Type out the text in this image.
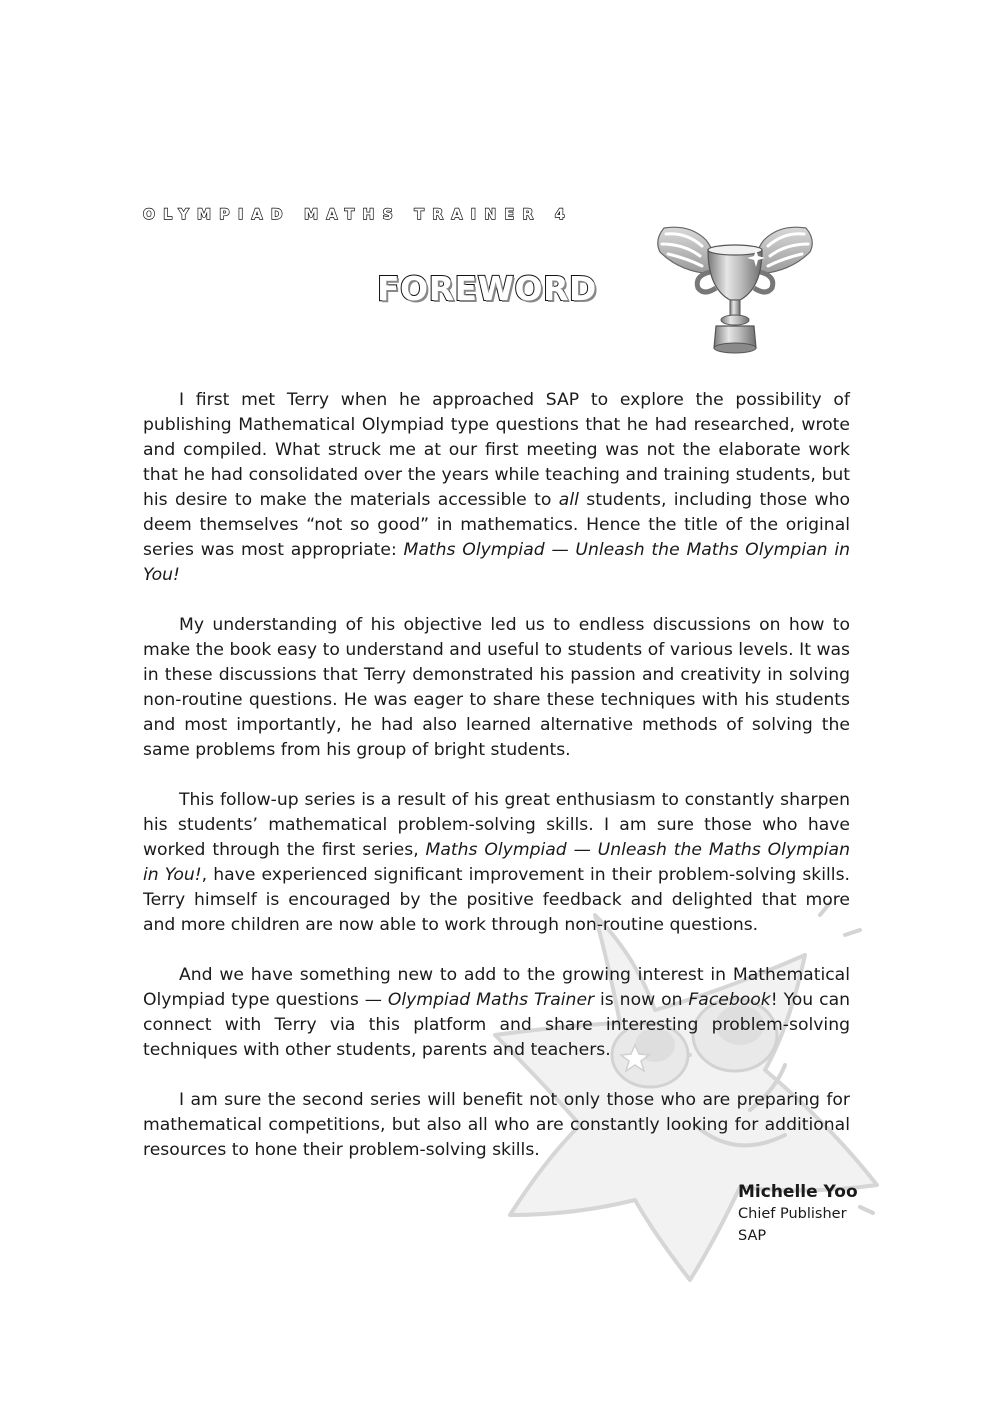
OLYMPIAD MATHS TRAINER 4
FOREWORD

I first met Terry when he approached SAP to explore the possibility of publishing Mathematical Olympiad type questions that he had researched, wrote and compiled. What struck me at our first meeting was not the elaborate work that he had consolidated over the years while teaching and training students, but his desire to make the materials accessible to all students, including those who deem themselves “not so good” in mathematics. Hence the title of the original series was most appropriate: Maths Olympiad — Unleash the Maths Olympian in You!

My understanding of his objective led us to endless discussions on how to make the book easy to understand and useful to students of various levels. It was in these discussions that Terry demonstrated his passion and creativity in solving non-routine questions. He was eager to share these techniques with his students and most importantly, he had also learned alternative methods of solving the same problems from his group of bright students.

This follow-up series is a result of his great enthusiasm to constantly sharpen his students’ mathematical problem-solving skills. I am sure those who have worked through the first series, Maths Olympiad — Unleash the Maths Olympian in You!, have experienced significant improvement in their problem-solving skills. Terry himself is encouraged by the positive feedback and delighted that more and more children are now able to work through non-routine questions.

And we have something new to add to the growing interest in Mathematical Olympiad type questions — Olympiad Maths Trainer is now on Facebook! You can connect with Terry via this platform and share interesting problem-solving techniques with other students, parents and teachers.

I am sure the second series will benefit not only those who are preparing for mathematical competitions, but also all who are constantly looking for additional resources to hone their problem-solving skills.

Michelle Yoo
Chief Publisher
SAP
